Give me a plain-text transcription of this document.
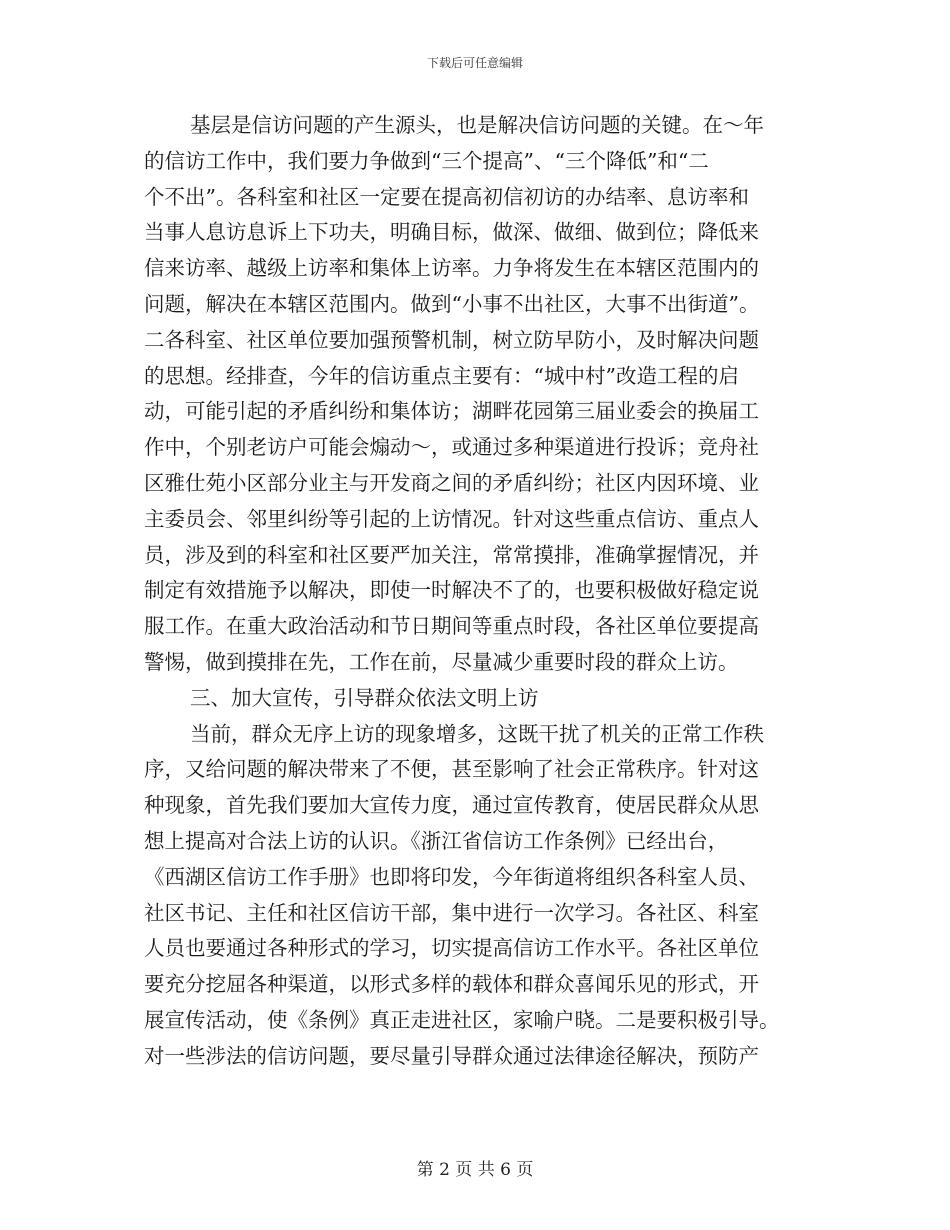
下载后可任意编辑
基层是信访问题的产生源头，也是解决信访问题的关键。在～年
的信访工作中，我们要力争做到“三个提高”、“三个降低”和“二
个不出”。各科室和社区一定要在提高初信初访的办结率、息访率和
当事人息访息诉上下功夫，明确目标，做深、做细、做到位；降低来
信来访率、越级上访率和集体上访率。力争将发生在本辖区范围内的
问题，解决在本辖区范围内。做到“小事不出社区，大事不出街道”。
二各科室、社区单位要加强预警机制，树立防早防小，及时解决问题
的思想。经排查，今年的信访重点主要有：“城中村”改造工程的启
动，可能引起的矛盾纠纷和集体访；湖畔花园第三届业委会的换届工
作中，个别老访户可能会煽动～，或通过多种渠道进行投诉；竞舟社
区雅仕苑小区部分业主与开发商之间的矛盾纠纷；社区内因环境、业
主委员会、邻里纠纷等引起的上访情况。针对这些重点信访、重点人
员，涉及到的科室和社区要严加关注，常常摸排，准确掌握情况，并
制定有效措施予以解决，即使一时解决不了的，也要积极做好稳定说
服工作。在重大政治活动和节日期间等重点时段，各社区单位要提高
警惕，做到摸排在先，工作在前，尽量减少重要时段的群众上访。
三、加大宣传，引导群众依法文明上访
当前，群众无序上访的现象增多，这既干扰了机关的正常工作秩
序，又给问题的解决带来了不便，甚至影响了社会正常秩序。针对这
种现象，首先我们要加大宣传力度，通过宣传教育，使居民群众从思
想上提高对合法上访的认识。《浙江省信访工作条例》已经出台，
《西湖区信访工作手册》也即将印发，今年街道将组织各科室人员、
社区书记、主任和社区信访干部，集中进行一次学习。各社区、科室
人员也要通过各种形式的学习，切实提高信访工作水平。各社区单位
要充分挖屈各种渠道，以形式多样的载体和群众喜闻乐见的形式，开
展宣传活动，使《条例》真正走进社区，家喻户晓。二是要积极引导。
对一些涉法的信访问题，要尽量引导群众通过法律途径解决，预防产
第 2 页 共 6 页
